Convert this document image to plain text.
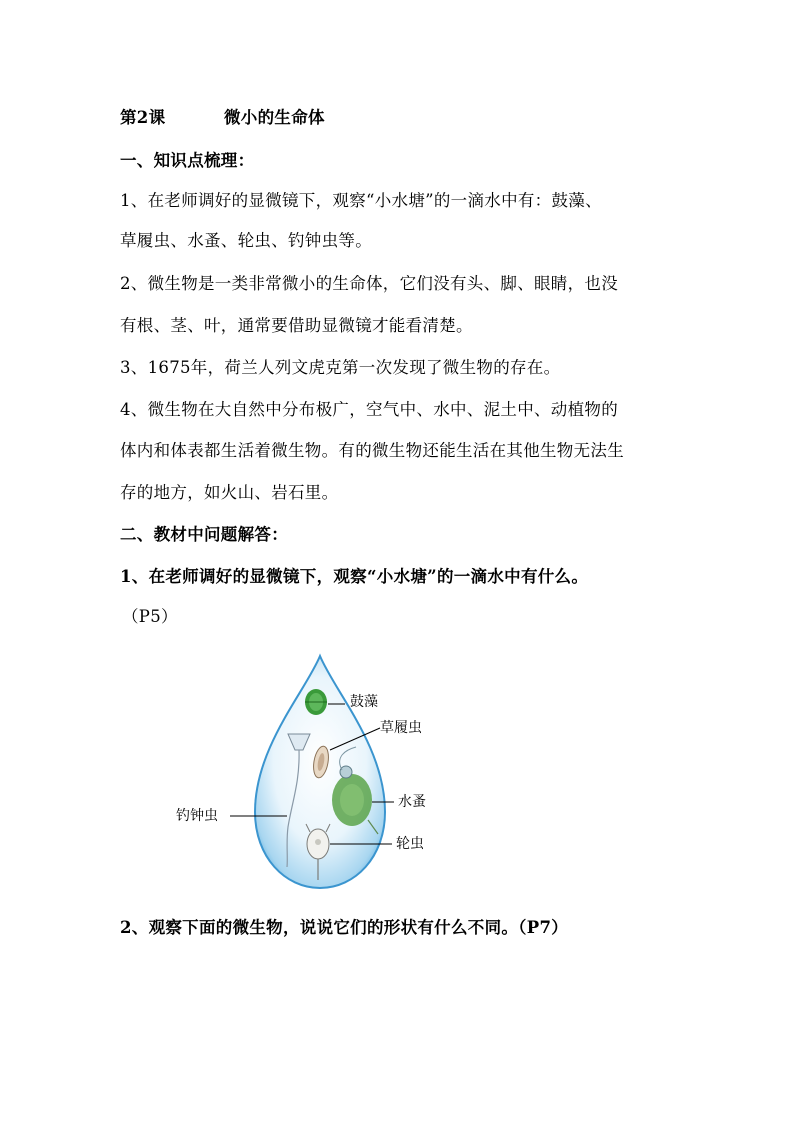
第2课	微小的生命体
一、知识点梳理：
1、在老师调好的显微镜下，观察“小水塘”的一滴水中有：鼓藻、
草履虫、水蚤、轮虫、钓钟虫等。
2、微生物是一类非常微小的生命体，它们没有头、脚、眼睛，也没
有根、茎、叶，通常要借助显微镜才能看清楚。
3、1675年，荷兰人列文虎克第一次发现了微生物的存在。
4、微生物在大自然中分布极广，空气中、水中、泥土中、动植物的
体内和体表都生活着微生物。有的微生物还能生活在其他生物无法生
存的地方，如火山、岩石里。
二、教材中问题解答：
1、在老师调好的显微镜下，观察“小水塘”的一滴水中有什么。
（P5）
鼓藻
草履虫
水蚤
钓钟虫
轮虫
2、观察下面的微生物，说说它们的形状有什么不同。（P7）
